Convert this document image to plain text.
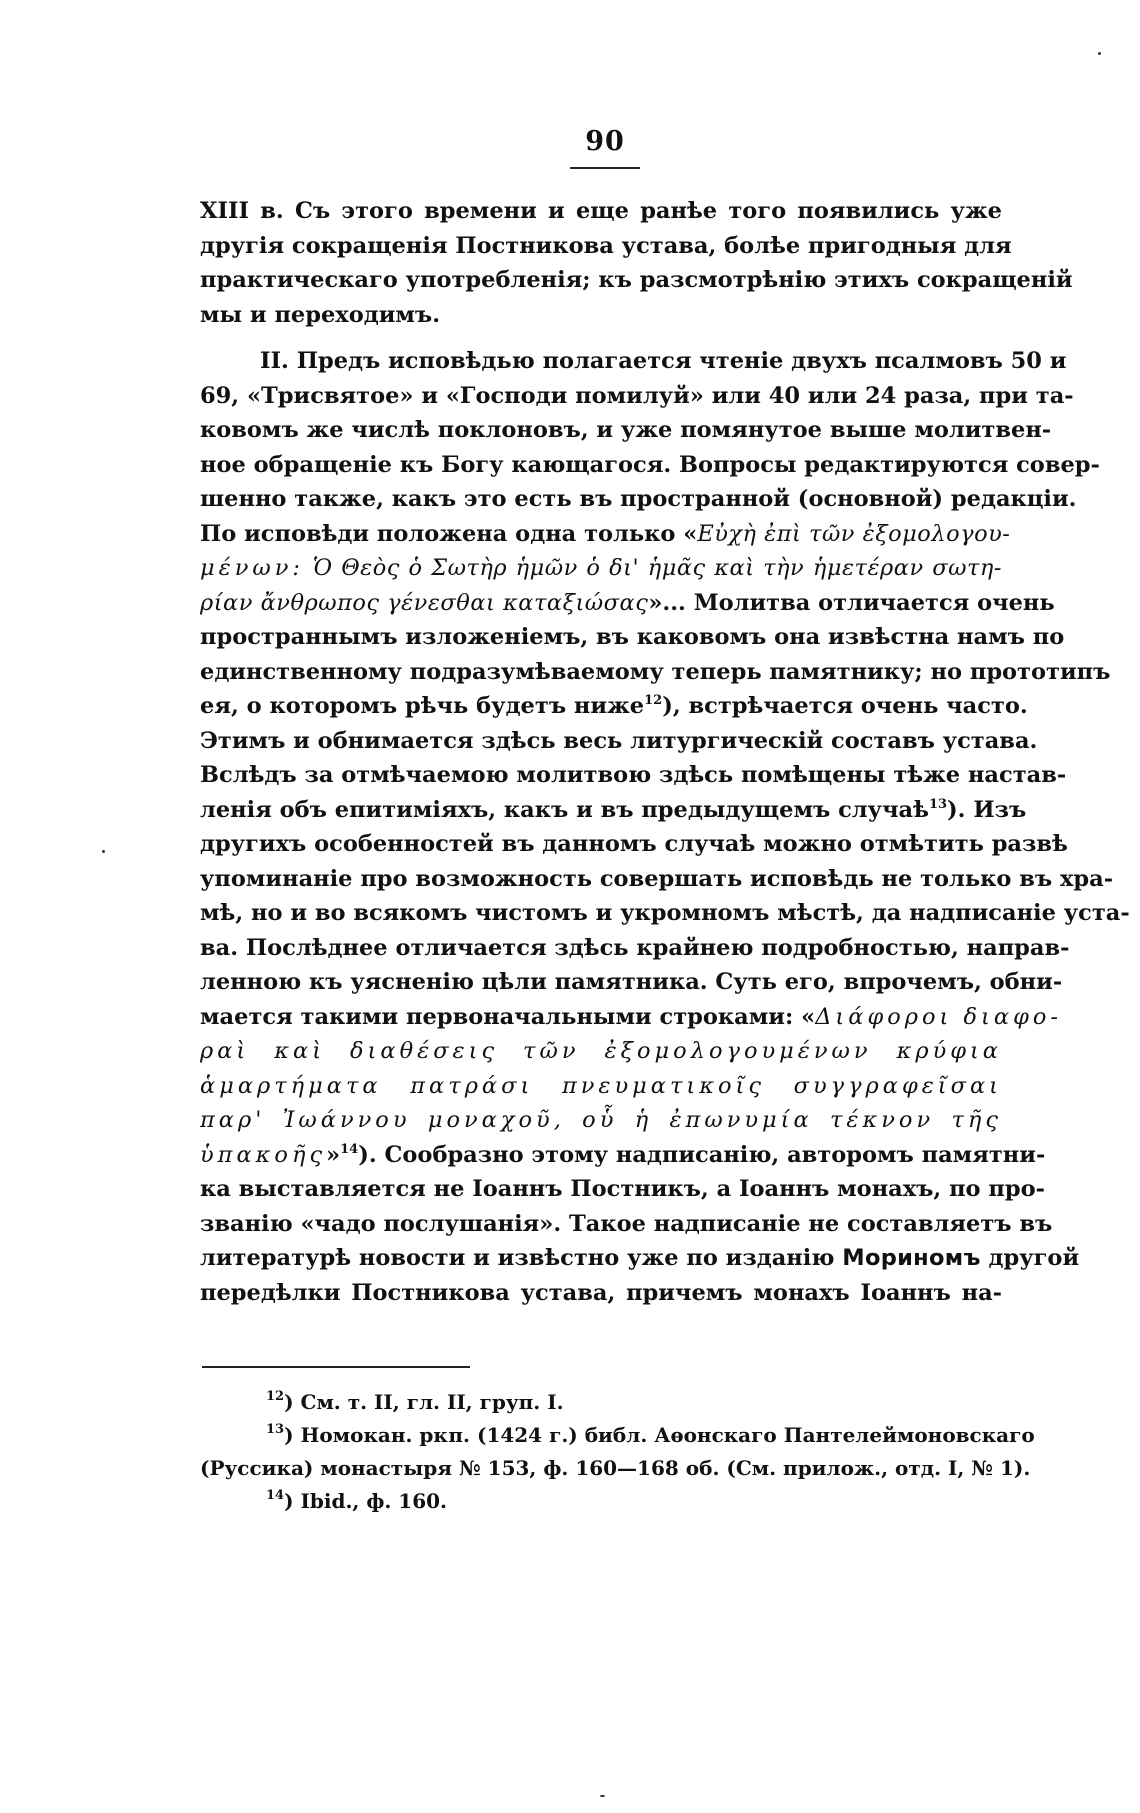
90

XIII в. Съ этого времени и еще ранѣе того появились уже
другія сокращенія Постникова устава, болѣе пригодныя для
практическаго употребленія; къ разсмотрѣнію этихъ сокращеній
мы и переходимъ.

II. Предъ исповѣдью полагается чтеніе двухъ псалмовъ 50 и
69, «Трисвятое» и «Господи помилуй» или 40 или 24 раза, при та-
ковомъ же числѣ поклоновъ, и уже помянутое выше молитвен-
ное обращеніе къ Богу кающагося. Вопросы редактируются совер-
шенно также, какъ это есть въ пространной (основной) редакціи.
По исповѣди положена одна только «Εὐχὴ ἐπὶ τῶν ἐξομολογου-
μένων: Ὁ Θεὸς ὁ Σωτὴρ ἡμῶν ὁ δι' ἡμᾶς καὶ τὴν ἡμετέραν σωτη-
ρίαν ἄνθρωπος γένεσθαι καταξιώσας»... Молитва отличается очень
пространнымъ изложеніемъ, въ каковомъ она извѣстна намъ по
единственному подразумѣваемому теперь памятнику; но прототипъ
ея, о которомъ рѣчь будетъ ниже$^{12}$), встрѣчается очень часто.
Этимъ и обнимается здѣсь весь литургическій составъ устава.
Вслѣдъ за отмѣчаемою молитвою здѣсь помѣщены тѣже настав-
ленія объ епитиміяхъ, какъ и въ предыдущемъ случаѣ$^{13}$). Изъ
другихъ особенностей въ данномъ случаѣ можно отмѣтить развѣ
упоминаніе про возможность совершать исповѣдь не только въ хра-
мѣ, но и во всякомъ чистомъ и укромномъ мѣстѣ, да надписаніе уста-
ва. Послѣднее отличается здѣсь крайнею подробностью, направ-
ленною къ уясненію цѣли памятника. Суть его, впрочемъ, обни-
мается такими первоначальными строками: «Διάφοροι διαφο-
ραὶ καὶ διαθέσεις τῶν ἐξομολογουμένων κρύφια
ἁμαρτήματα πατράσι πνευματικοῖς συγγραφεῖσαι
παρ' Ἰωάννου μοναχοῦ, οὗ ἡ ἐπωνυμία τέκνον τῆς
ὑπακοῆς»$^{14}$). Сообразно этому надписанію, авторомъ памятни-
ка выставляется не Іоаннъ Постникъ, а Іоаннъ монахъ, по про-
званію «чадо послушанія». Такое надписаніе не составляетъ въ
литературѣ новости и извѣстно уже по изданію Мориномъ другой
передѣлки Постникова устава, причемъ монахъ Іоаннъ на-

$^{12}$) См. т. II, гл. II, груп. I.
$^{13}$) Номокан. рκп. (1424 г.) библ. Аѳонскаго Пантелеймоновскаго
(Руссика) монастыря № 153, ф. 160—168 об. (См. прилож., отд. I, № 1).
$^{14}$) Ibid., ф. 160.
